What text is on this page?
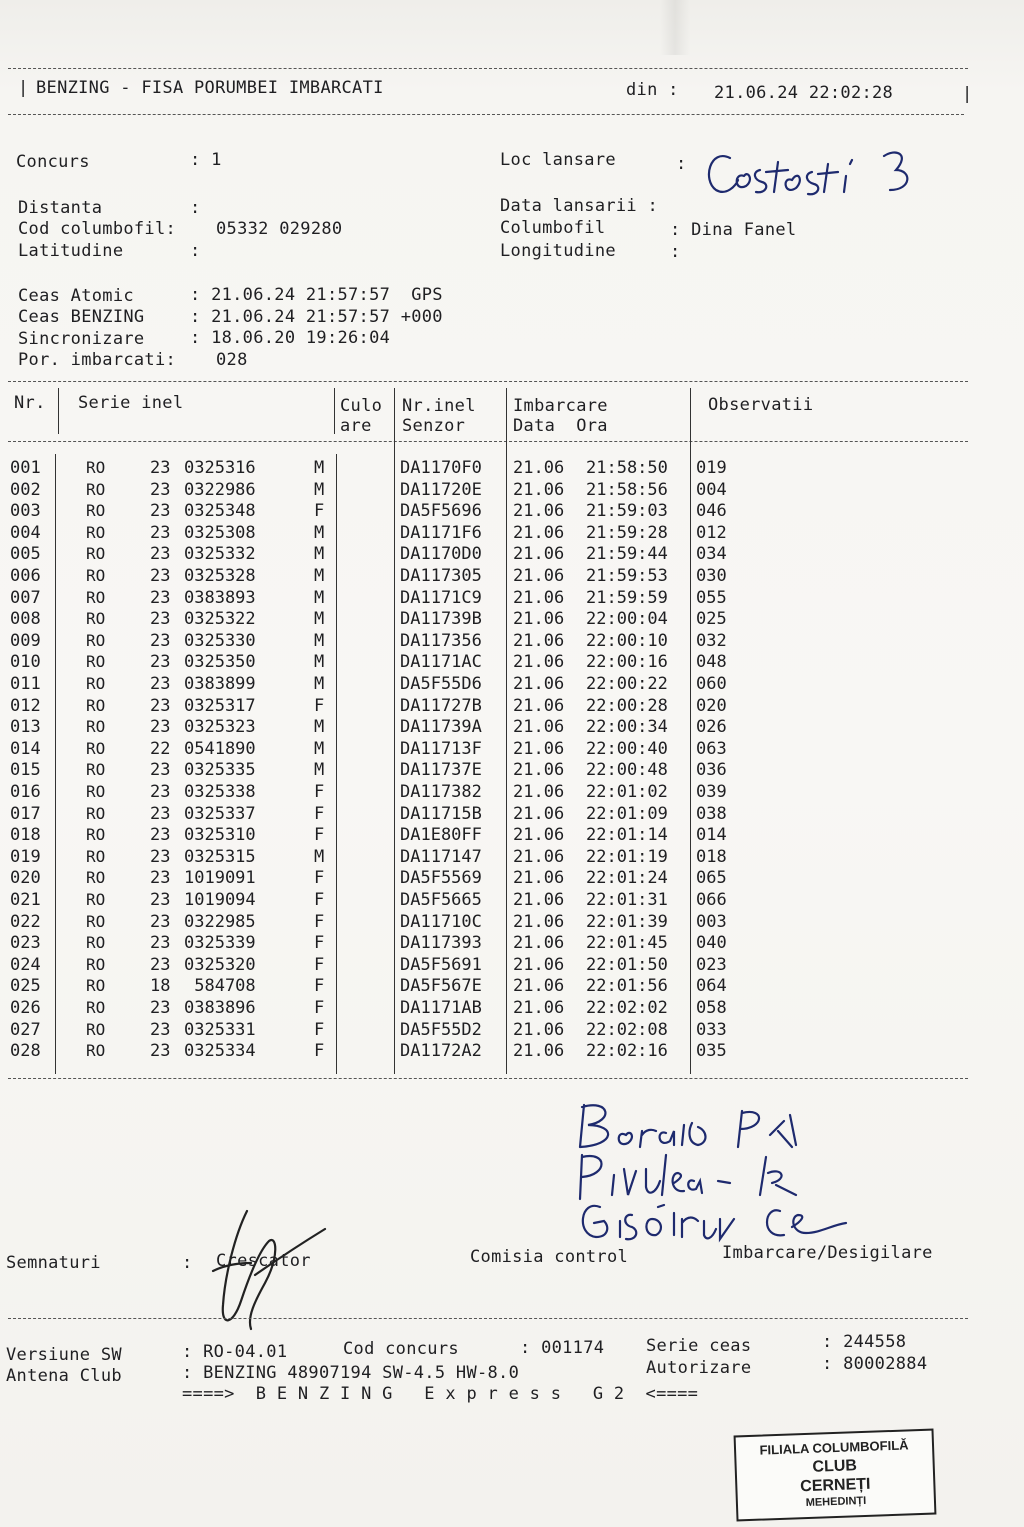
| BENZING - FISA PORUMBEI IMBARCATI	din : 21.06.24 22:02:28	|
Concurs	: 1	Loc lansare	:
Distanta	:	Data lansarii :
Cod columbofil: 05332 029280	Columbofil	: Dina Fanel
Latitudine	:	Longitudine	:
Ceas Atomic	: 21.06.24 21:57:57  GPS
Ceas BENZING	: 21.06.24 21:57:57 +000
Sincronizare	: 18.06.20 19:26:04
Por. imbarcati: 028
Nr. Serie inel	Culo
are
Nr.inel
Senzor
Imbarcare
Data  Ora
Observatii
001	RO	23 0325316	M	DA1170F0 21.06 21:58:50 019
002	RO	23 0322986	M	DA11720E 21.06 21:58:56 004
003	RO	23 0325348	F	DA5F5696 21.06 21:59:03 046
004	RO	23 0325308	M	DA1171F6 21.06 21:59:28 012
005	RO	23 0325332	M	DA1170D0 21.06 21:59:44 034
006	RO	23 0325328	M	DA117305 21.06 21:59:53 030
007	RO	23 0383893	M	DA1171C9 21.06 21:59:59 055
008	RO	23 0325322	M	DA11739B 21.06 22:00:04 025
009	RO	23 0325330	M	DA117356 21.06 22:00:10 032
010	RO	23 0325350	M	DA1171AC 21.06 22:00:16 048
011	RO	23 0383899	M	DA5F55D6 21.06 22:00:22 060
012	RO	23 0325317	F	DA11727B 21.06 22:00:28 020
013	RO	23 0325323	M	DA11739A 21.06 22:00:34 026
014	RO	22 0541890	M	DA11713F 21.06 22:00:40 063
015	RO	23 0325335	M	DA11737E 21.06 22:00:48 036
016	RO	23 0325338	F	DA117382 21.06 22:01:02 039
017	RO	23 0325337	F	DA11715B 21.06 22:01:09 038
018	RO	23 0325310	F	DA1E80FF 21.06 22:01:14 014
019	RO	23 0325315	M	DA117147 21.06 22:01:19 018
020	RO	23 1019091	F	DA5F5569 21.06 22:01:24 065
021	RO	23 1019094	F	DA5F5665 21.06 22:01:31 066
022	RO	23 0322985	F	DA11710C 21.06 22:01:39 003
023	RO	23 0325339	F	DA117393 21.06 22:01:45 040
024	RO	23 0325320	F	DA5F5691 21.06 22:01:50 023
025	RO	18 584708	F	DA5F567E 21.06 22:01:56 064
026	RO	23 0383896	F	DA1171AB 21.06 22:02:02 058
027	RO	23 0325331	F	DA5F55D2 21.06 22:02:08 033
028	RO	23 0325334	F	DA1172A2 21.06 22:02:16 035
Semnaturi	: Crescator	Comisia control	Imbarcare/Desigilare
Versiune SW	: RO-04.01	Cod concurs	: 001174 Serie ceas	: 244558
Antena Club	: BENZING 48907194 SW-4.5 HW-8.0	Autorizare	: 80002884
====>  B E N Z I N G   E x p r e s s   G 2  <====
FILIALA COLUMBOFILĂ
CLUB
CERNEȚI
MEHEDINȚI
